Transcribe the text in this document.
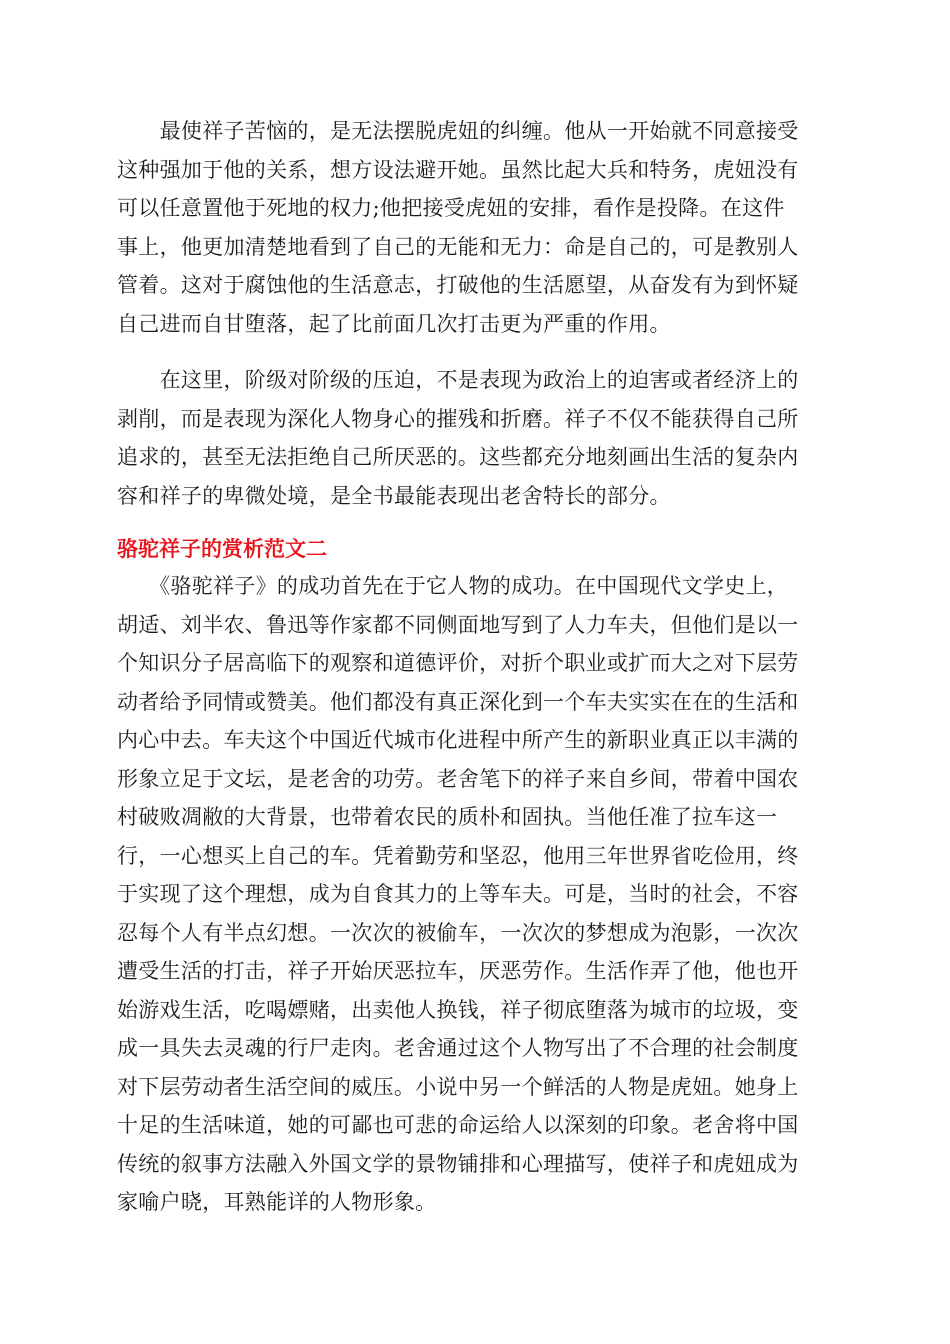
　　最使祥子苦恼的，是无法摆脱虎妞的纠缠。他从一开始就不同意接受
这种强加于他的关系，想方设法避开她。虽然比起大兵和特务，虎妞没有
可以任意置他于死地的权力;他把接受虎妞的安排，看作是投降。在这件
事上，他更加清楚地看到了自己的无能和无力：命是自己的，可是教别人
管着。这对于腐蚀他的生活意志，打破他的生活愿望，从奋发有为到怀疑
自己进而自甘堕落，起了比前面几次打击更为严重的作用。

　　在这里，阶级对阶级的压迫，不是表现为政治上的迫害或者经济上的
剥削，而是表现为深化人物身心的摧残和折磨。祥子不仅不能获得自己所
追求的，甚至无法拒绝自己所厌恶的。这些都充分地刻画出生活的复杂内
容和祥子的卑微处境，是全书最能表现出老舍特长的部分。

骆驼祥子的赏析范文二

　　《骆驼祥子》的成功首先在于它人物的成功。在中国现代文学史上，
胡适、刘半农、鲁迅等作家都不同侧面地写到了人力车夫，但他们是以一
个知识分子居高临下的观察和道德评价，对折个职业或扩而大之对下层劳
动者给予同情或赞美。他们都没有真正深化到一个车夫实实在在的生活和
内心中去。车夫这个中国近代城市化进程中所产生的新职业真正以丰满的
形象立足于文坛，是老舍的功劳。老舍笔下的祥子来自乡间，带着中国农
村破败凋敝的大背景，也带着农民的质朴和固执。当他任准了拉车这一
行，一心想买上自己的车。凭着勤劳和坚忍，他用三年世界省吃俭用，终
于实现了这个理想，成为自食其力的上等车夫。可是，当时的社会，不容
忍每个人有半点幻想。一次次的被偷车，一次次的梦想成为泡影，一次次
遭受生活的打击，祥子开始厌恶拉车，厌恶劳作。生活作弄了他，他也开
始游戏生活，吃喝嫖赌，出卖他人换钱，祥子彻底堕落为城市的垃圾，变
成一具失去灵魂的行尸走肉。老舍通过这个人物写出了不合理的社会制度
对下层劳动者生活空间的威压。小说中另一个鲜活的人物是虎妞。她身上
十足的生活味道，她的可鄙也可悲的命运给人以深刻的印象。老舍将中国
传统的叙事方法融入外国文学的景物铺排和心理描写，使祥子和虎妞成为
家喻户晓，耳熟能详的人物形象。
